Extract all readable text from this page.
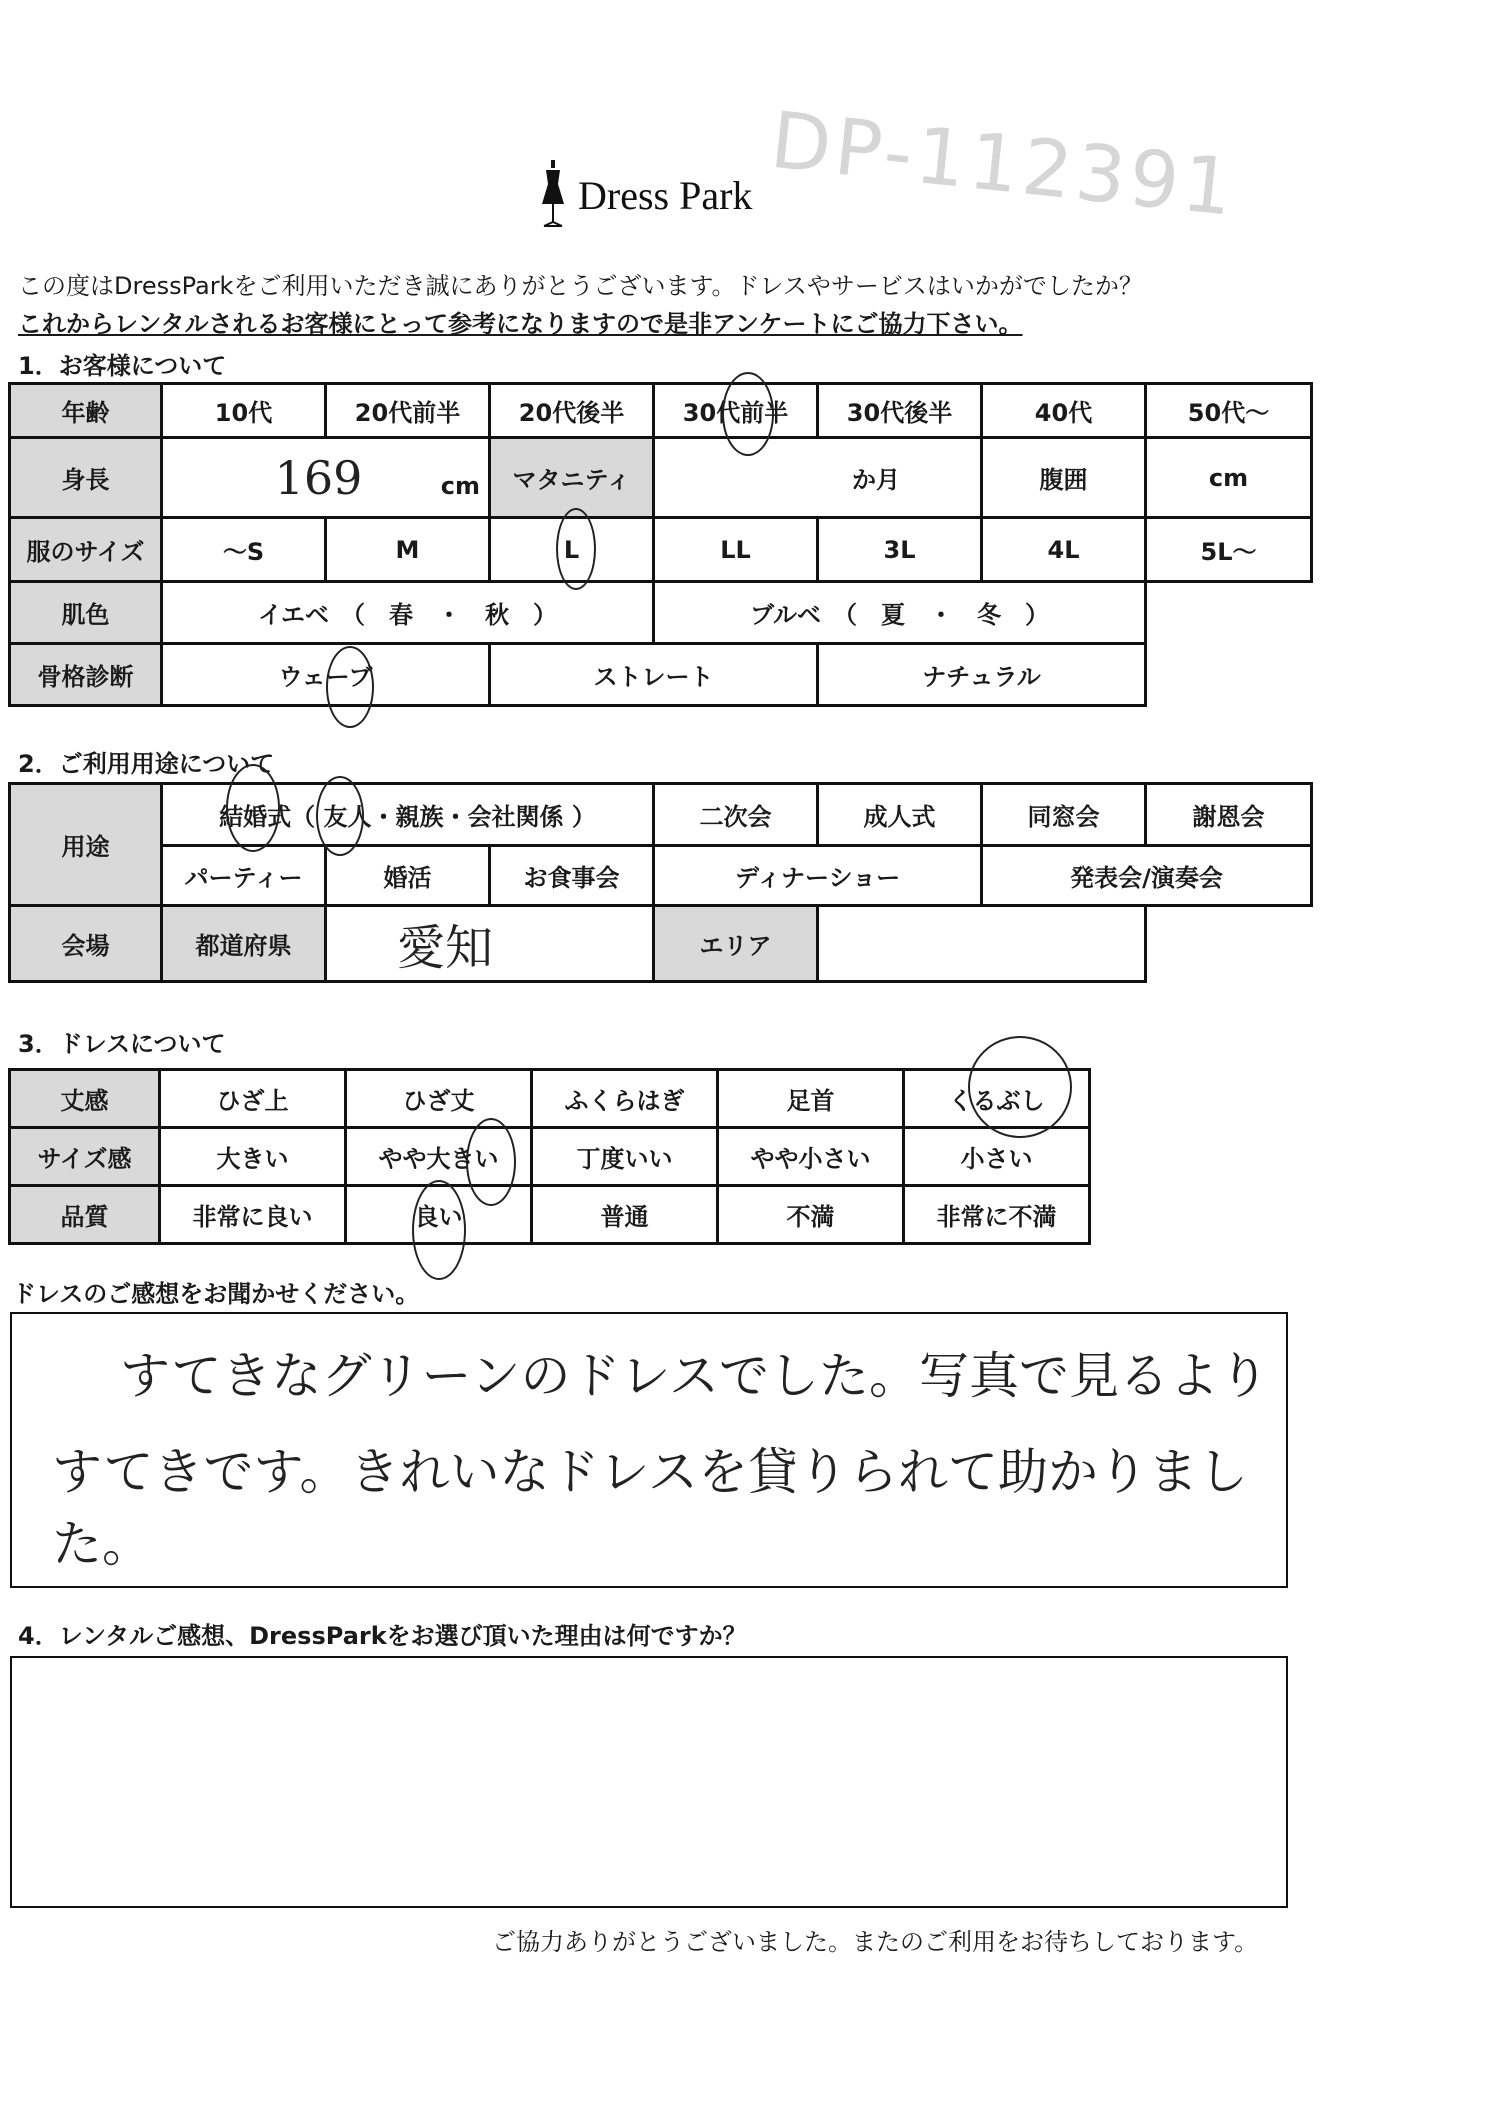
Dress Park DP-112391
この度はDressParkをご利用いただき誠にありがとうございます。ドレスやサービスはいかがでしたか？
これからレンタルされるお客様にとって参考になりますので是非アンケートにご協力下さい。
1．お客様について
年齢	10代	20代前半	20代後半	30代前半	30代後半	40代	50代〜
身長	169 cm		マタニティ	か月		腹囲	cm
服のサイズ	〜S	M	L	LL	3L	4L	5L〜
肌色	イエベ　（　春　・　秋　）			ブルベ　（　夏　・　冬　）			
骨格診断	ウェーブ		ストレート		ナチュラル		
2．ご利用用途について
用途	結婚式（ 友人・親族・会社関係 ）			二次会	成人式	同窓会	謝恩会
	パーティー	婚活	お食事会	ディナーショー		発表会/演奏会	
会場	都道府県	愛知		エリア			
3．ドレスについて
丈感	ひざ上	ひざ丈	ふくらはぎ	足首	くるぶし
サイズ感	大きい	やや大きい	丁度いい	やや小さい	小さい
品質	非常に良い	良い	普通	不満	非常に不満
ドレスのご感想をお聞かせください。
すてきなグリーンのドレスでした。写真で見るより
すてきです。きれいなドレスを貸りられて助かりました。
4．レンタルご感想、DressParkをお選び頂いた理由は何ですか？
ご協力ありがとうございました。またのご利用をお待ちしております。
